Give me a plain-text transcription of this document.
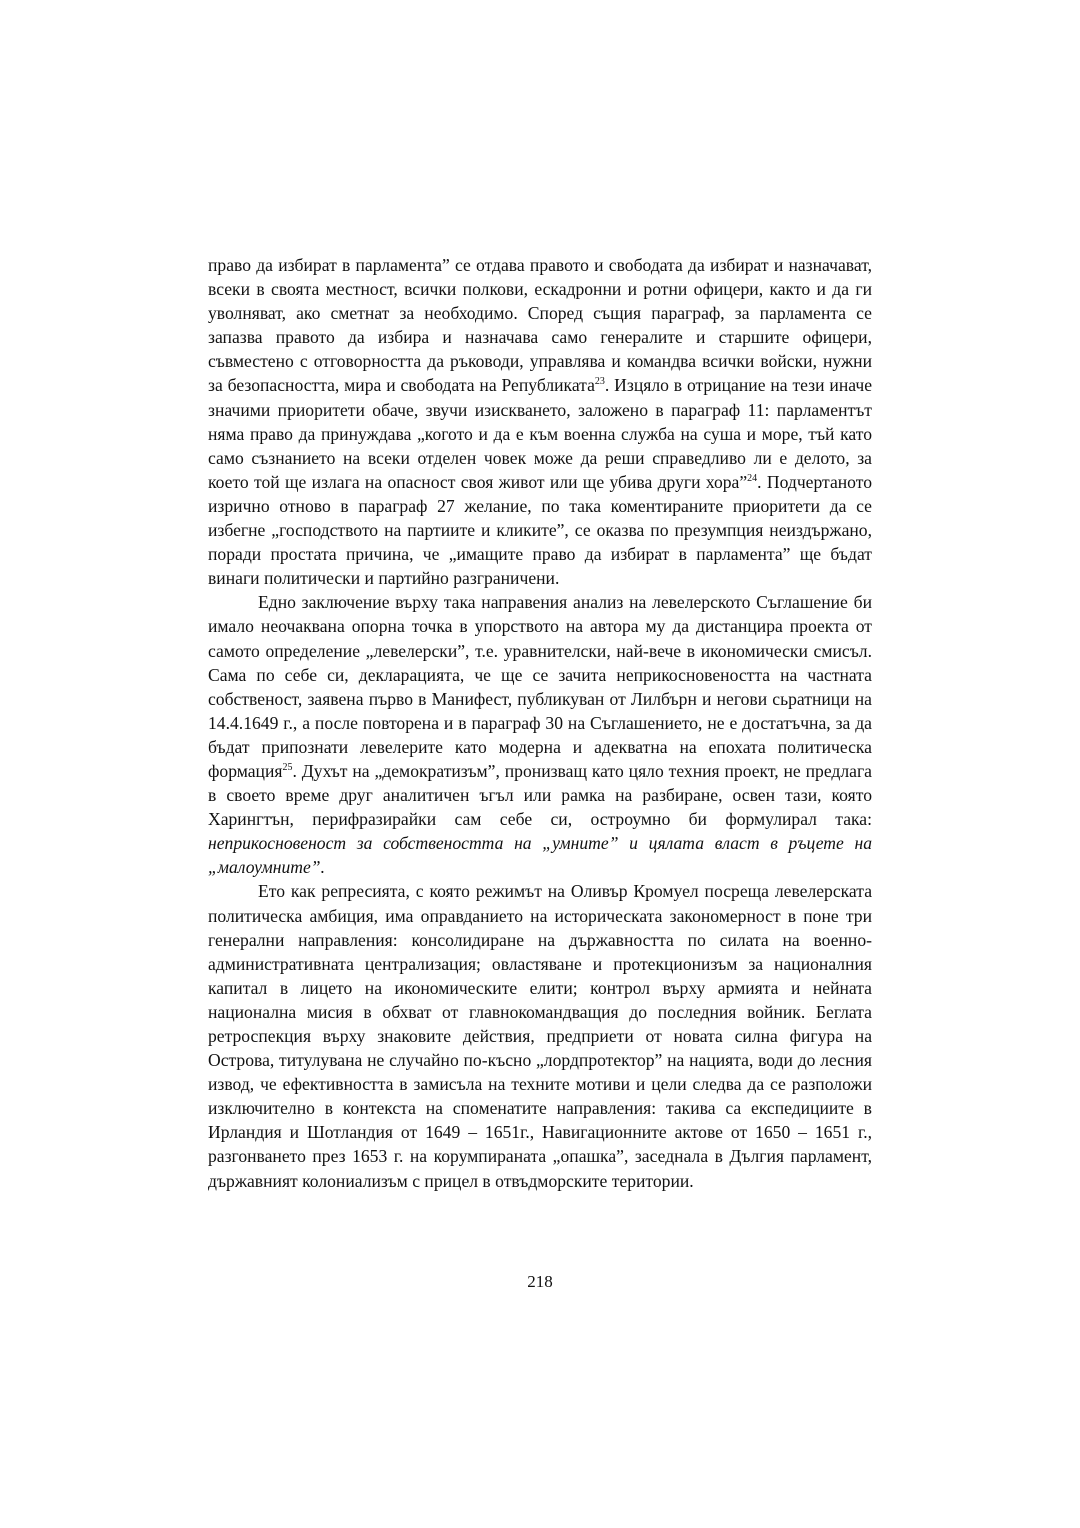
право да избират в парламента” се отдава правото и свободата да избират и назначават, всеки в своята местност, всички полкови, ескадронни и ротни офицери, както и да ги уволняват, ако сметнат за необходимо. Според същия параграф, за парламента се запазва правото да избира и назначава само генералите и старшите офицери, съвместено с отговорността да ръководи, управлява и командва всички войски, нужни за безопасността, мира и свободата на Републиката$^{23}$. Изцяло в отрицание на тези иначе значими приоритети обаче, звучи изискването, заложено в параграф 11: парламентът няма право да принуждава „когото и да е към военна служба на суша и море, тъй като само съзнанието на всеки отделен човек може да реши справедливо ли е делото, за което той ще излага на опасност своя живот или ще убива други хора”$^{24}$. Подчертаното изрично отново в параграф 27 желание, по така коментираните приоритети да се избегне „господството на партиите и кликите”, се оказва по презумпция неиздържано, поради простата причина, че „имащите право да избират в парламента” ще бъдат винаги политически и партийно разграничени.

Едно заключение върху така направения анализ на левелерското Съглашение би имало неочаквана опорна точка в упорството на автора му да дистанцира проекта от самото определение „левелерски”, т.е. уравнителски, най-вече в икономически смисъл. Сама по себе си, декларацията, че ще се зачита неприкосновеността на частната собственост, заявена първо в Манифест, публикуван от Лилбърн и негови сьратници на 14.4.1649 г., а после повторена и в параграф 30 на Съглашението, не е достатъчна, за да бъдат припознати левелерите като модерна и адекватна на епохата политическа формация$^{25}$. Духът на „демократизъм”, пронизващ като цяло техния проект, не предлага в своето време друг аналитичен ъгъл или рамка на разбиране, освен тази, която Харингтън, перифразирайки сам себе си, остроумно би формулирал така: неприкосновеност за собствеността на „умните” и цялата власт в ръцете на „малоумните”.

Ето как репресията, с която режимът на Оливър Кромуел посреща левелерската политическа амбиция, има оправданието на историческата закономерност в поне три генерални направления: консолидиране на държавността по силата на военно-административната централизация; овластяване и протекционизъм за националния капитал в лицето на икономическите елити; контрол върху армията и нейната национална мисия в обхват от главнокомандващия до последния войник. Беглата ретроспекция върху знаковите действия, предприети от новата силна фигура на Острова, титулувана не случайно по-късно „лордпротектор” на нацията, води до лесния извод, че ефективността в замисъла на техните мотиви и цели следва да се разположи изключително в контекста на споменатите направления: такива са експедициите в Ирландия и Шотландия от 1649 – 1651г., Навигационните актове от 1650 – 1651 г., разгонването през 1653 г. на корумпираната „опашка”, заседнала в Дългия парламент, държавният колониализъм с прицел в отвъдморските територии.

218
